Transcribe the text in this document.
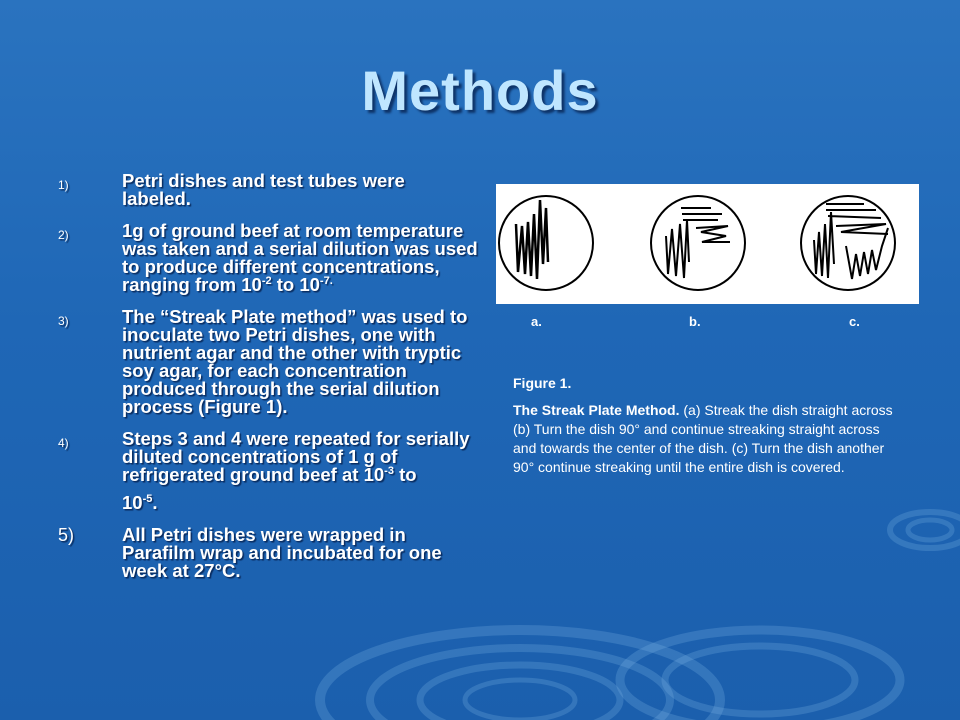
Methods
1)	Petri dishes and test tubes were labeled.
2)	1g of ground beef at room temperature was taken and a serial dilution was used to produce different concentrations, ranging from $10^{-2}$ to $10^{-7.}$
3)	The “Streak Plate method” was used to inoculate two Petri dishes, one with nutrient agar and the other with tryptic soy agar, for each concentration produced through the serial dilution process (Figure 1).
4)	Steps 3 and 4 were repeated for serially diluted concentrations of 1 g of refrigerated ground beef at $10^{-3}$ to
$10^{-5}$.
5)	All Petri dishes were wrapped in Parafilm wrap and incubated for one week at 27°C.
a.	b.	c.
Figure 1.
The Streak Plate Method. (a) Streak the dish straight across (b) Turn the dish 90° and continue streaking straight across and towards the center of the dish. (c) Turn the dish another 90° continue streaking until the entire dish is covered.
